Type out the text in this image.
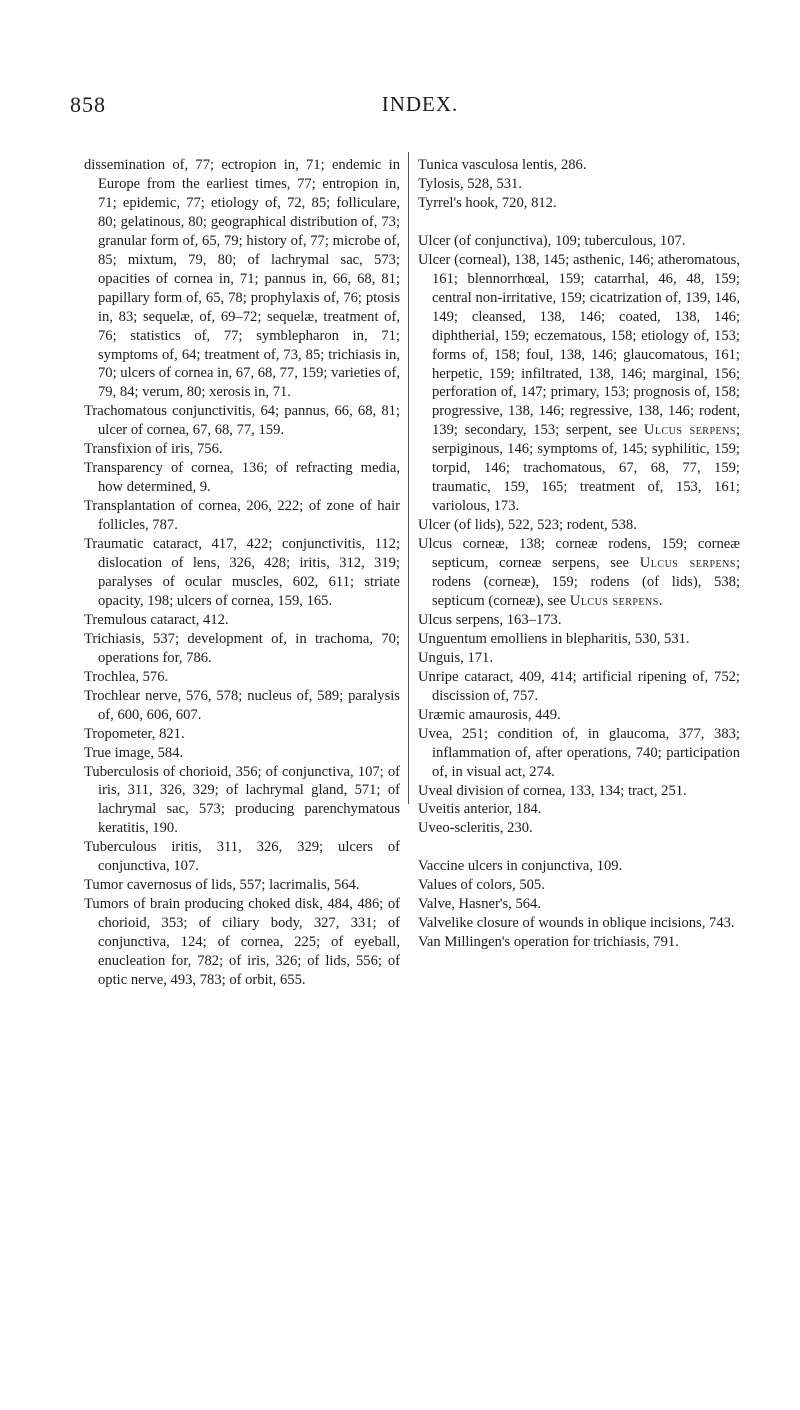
858	INDEX.

dissemination of, 77; ectropion in, 71; endemic in Europe from the earliest times, 77; entropion in, 71; epidemic, 77; etiology of, 72, 85; folliculare, 80; gelatinous, 80; geographical distribution of, 73; granular form of, 65, 79; history of, 77; microbe of, 85; mixtum, 79, 80; of lachrymal sac, 573; opacities of cornea in, 71; pannus in, 66, 68, 81; papillary form of, 65, 78; prophylaxis of, 76; ptosis in, 83; sequelæ, of, 69–72; sequelæ, treatment of, 76; statistics of, 77; symblepharon in, 71; symptoms of, 64; treatment of, 73, 85; trichiasis in, 70; ulcers of cornea in, 67, 68, 77, 159; varieties of, 79, 84; verum, 80; xerosis in, 71.

Trachomatous conjunctivitis, 64; pannus, 66, 68, 81; ulcer of cornea, 67, 68, 77, 159.

Transfixion of iris, 756.

Transparency of cornea, 136; of refracting media, how determined, 9.

Transplantation of cornea, 206, 222; of zone of hair follicles, 787.

Traumatic cataract, 417, 422; conjunctivitis, 112; dislocation of lens, 326, 428; iritis, 312, 319; paralyses of ocular muscles, 602, 611; striate opacity, 198; ulcers of cornea, 159, 165.

Tremulous cataract, 412.

Trichiasis, 537; development of, in trachoma, 70; operations for, 786.

Trochlea, 576.

Trochlear nerve, 576, 578; nucleus of, 589; paralysis of, 600, 606, 607.

Tropometer, 821.

True image, 584.

Tuberculosis of chorioid, 356; of conjunctiva, 107; of iris, 311, 326, 329; of lachrymal gland, 571; of lachrymal sac, 573; producing parenchymatous keratitis, 190.

Tuberculous iritis, 311, 326, 329; ulcers of conjunctiva, 107.

Tumor cavernosus of lids, 557; lacrimalis, 564.

Tumors of brain producing choked disk, 484, 486; of chorioid, 353; of ciliary body, 327, 331; of conjunctiva, 124; of cornea, 225; of eyeball, enucleation for, 782; of iris, 326; of lids, 556; of optic nerve, 493, 783; of orbit, 655.

Tunica vasculosa lentis, 286.

Tylosis, 528, 531.

Tyrrel's hook, 720, 812.

Ulcer (of conjunctiva), 109; tuberculous, 107.

Ulcer (corneal), 138, 145; asthenic, 146; atheromatous, 161; blennorrhœal, 159; catarrhal, 46, 48, 159; central non-irritative, 159; cicatrization of, 139, 146, 149; cleansed, 138, 146; coated, 138, 146; diphtherial, 159; eczematous, 158; etiology of, 153; forms of, 158; foul, 138, 146; glaucomatous, 161; herpetic, 159; infiltrated, 138, 146; marginal, 156; perforation of, 147; primary, 153; prognosis of, 158; progressive, 138, 146; regressive, 138, 146; rodent, 139; secondary, 153; serpent, see Ulcus serpens; serpiginous, 146; symptoms of, 145; syphilitic, 159; torpid, 146; trachomatous, 67, 68, 77, 159; traumatic, 159, 165; treatment of, 153, 161; variolous, 173.

Ulcer (of lids), 522, 523; rodent, 538.

Ulcus corneæ, 138; corneæ rodens, 159; corneæ septicum, corneæ serpens, see Ulcus serpens; rodens (corneæ), 159; rodens (of lids), 538; septicum (corneæ), see Ulcus serpens.

Ulcus serpens, 163–173.

Unguentum emolliens in blepharitis, 530, 531.

Unguis, 171.

Unripe cataract, 409, 414; artificial ripening of, 752; discission of, 757.

Uræmic amaurosis, 449.

Uvea, 251; condition of, in glaucoma, 377, 383; inflammation of, after operations, 740; participation of, in visual act, 274.

Uveal division of cornea, 133, 134; tract, 251.

Uveitis anterior, 184.

Uveo-scleritis, 230.

Vaccine ulcers in conjunctiva, 109.

Values of colors, 505.

Valve, Hasner's, 564.

Valvelike closure of wounds in oblique incisions, 743.

Van Millingen's operation for trichiasis, 791.
